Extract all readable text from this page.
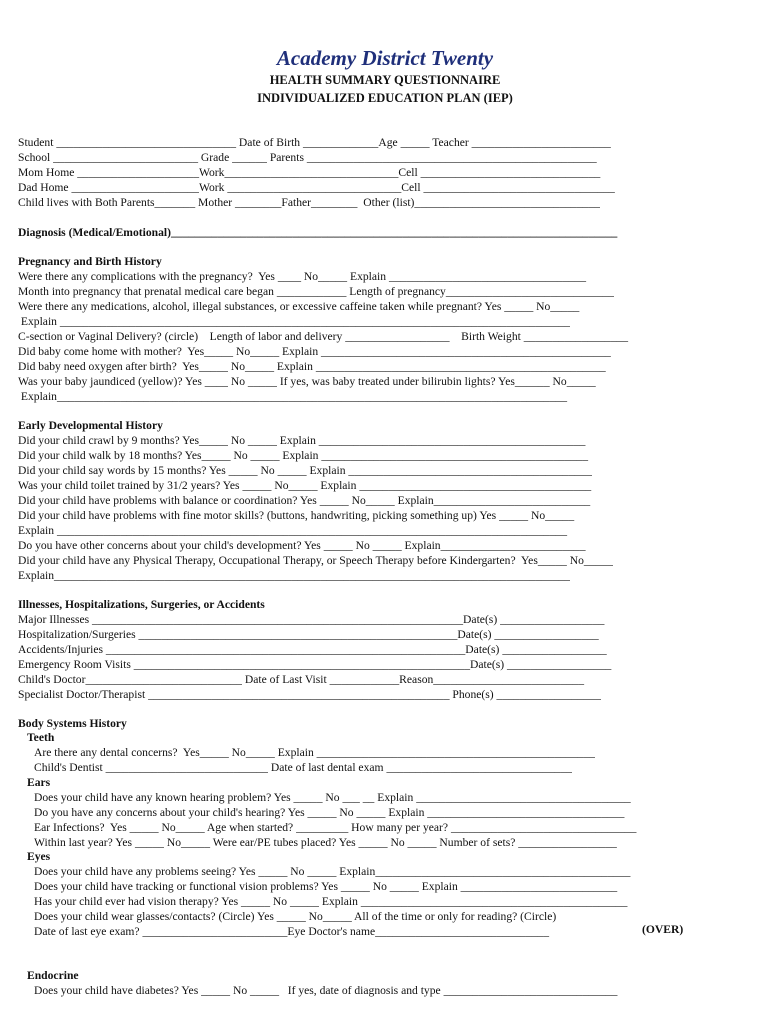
Academy District Twenty
HEALTH SUMMARY QUESTIONNAIRE
INDIVIDUALIZED EDUCATION PLAN (IEP)
Student _______________________________ Date of Birth _____________Age _____ Teacher ________________________
School _________________________ Grade ______ Parents __________________________________________________
Mom Home _____________________Work______________________________Cell _______________________________
Dad Home ______________________Work ______________________________Cell _________________________________
Child lives with Both Parents_______ Mother ________Father________  Other (list)________________________________
Diagnosis (Medical/Emotional)_____________________________________________________________________________
Pregnancy and Birth History
Were there any complications with the pregnancy?  Yes ____ No_____ Explain __________________________________
Month into pregnancy that prenatal medical care began ____________ Length of pregnancy_____________________________
Were there any medications, alcohol, illegal substances, or excessive caffeine taken while pregnant? Yes _____ No_____
Explain ________________________________________________________________________________________
C-section or Vaginal Delivery? (circle)    Length of labor and delivery __________________    Birth Weight __________________
Did baby come home with mother?  Yes_____ No_____ Explain __________________________________________________
Did baby need oxygen after birth?  Yes_____ No_____ Explain __________________________________________________
Was your baby jaundiced (yellow)? Yes ____ No _____ If yes, was baby treated under bilirubin lights? Yes______ No_____
Explain________________________________________________________________________________________
Early Developmental History
Did your child crawl by 9 months? Yes_____ No _____ Explain ______________________________________________
Did your child walk by 18 months? Yes_____ No _____ Explain ______________________________________________
Did your child say words by 15 months? Yes _____ No _____ Explain __________________________________________
Was your child toilet trained by 31/2 years? Yes _____ No_____ Explain ________________________________________
Did your child have problems with balance or coordination? Yes _____ No_____ Explain___________________________
Did your child have problems with fine motor skills? (buttons, handwriting, picking something up) Yes _____ No_____
Explain ________________________________________________________________________________________
Do you have other concerns about your child's development? Yes _____ No _____ Explain_________________________
Did your child have any Physical Therapy, Occupational Therapy, or Speech Therapy before Kindergarten?  Yes_____ No_____
Explain_________________________________________________________________________________________
Illnesses, Hospitalizations, Surgeries, or Accidents
Major Illnesses ________________________________________________________________Date(s) __________________
Hospitalization/Surgeries _______________________________________________________Date(s) __________________
Accidents/Injuries ______________________________________________________________Date(s) __________________
Emergency Room Visits __________________________________________________________Date(s) __________________
Child's Doctor___________________________ Date of Last Visit ____________Reason__________________________
Specialist Doctor/Therapist ____________________________________________________ Phone(s) __________________
Body Systems History
Teeth
Are there any dental concerns?  Yes_____ No_____ Explain ________________________________________________
Child's Dentist ____________________________ Date of last dental exam ________________________________
Ears
Does your child have any known hearing problem? Yes _____ No ___ __ Explain _____________________________________
Do you have any concerns about your child's hearing? Yes _____ No _____ Explain __________________________________
Ear Infections?  Yes _____ No_____ Age when started? _________ How many per year? ________________________________
Within last year? Yes _____ No_____ Were ear/PE tubes placed? Yes _____ No _____ Number of sets? _________________
Eyes
Does your child have any problems seeing? Yes _____ No _____ Explain____________________________________________
Does your child have tracking or functional vision problems? Yes _____ No _____ Explain ___________________________
Has your child ever had vision therapy? Yes _____ No _____ Explain ______________________________________________
Does your child wear glasses/contacts? (Circle) Yes _____ No_____ All of the time or only for reading? (Circle)
Date of last eye exam? _________________________Eye Doctor's name______________________________	(OVER)
Endocrine
Does your child have diabetes? Yes _____ No _____   If yes, date of diagnosis and type ______________________________
